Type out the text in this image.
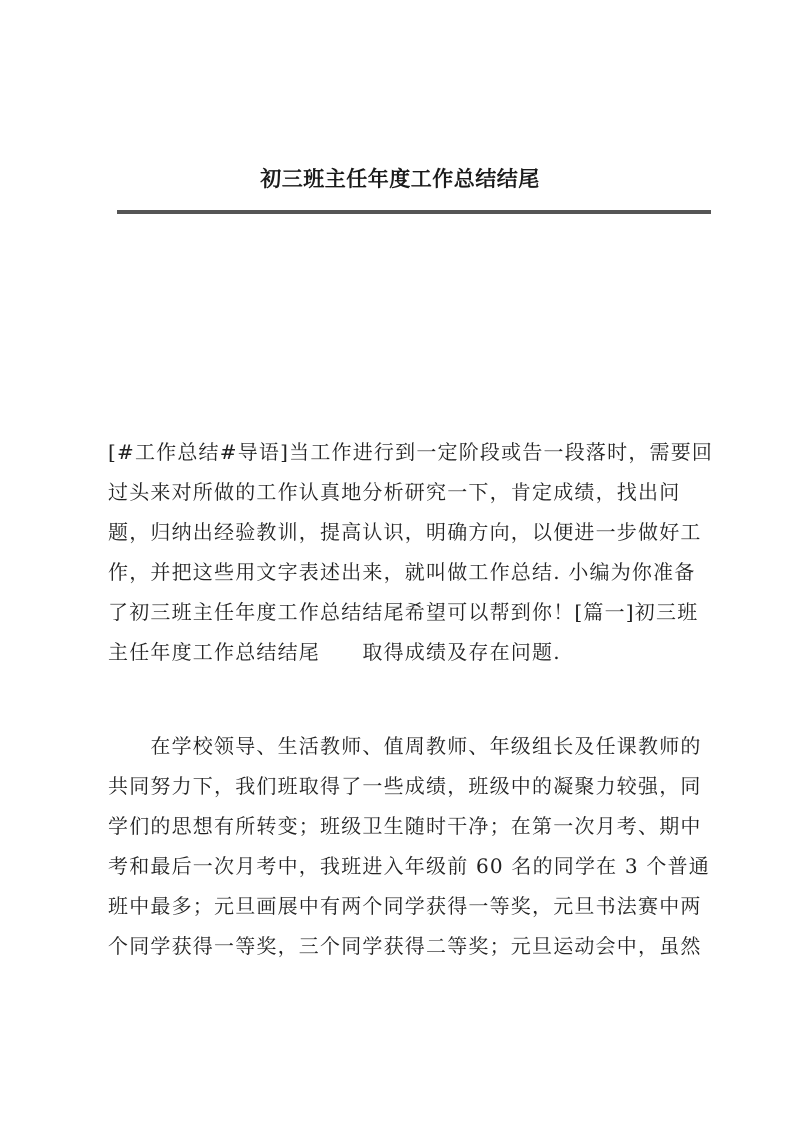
初三班主任年度工作总结结尾
[#工作总结#导语]当工作进行到一定阶段或告一段落时，需要回
过头来对所做的工作认真地分析研究一下，肯定成绩，找出问
题，归纳出经验教训，提高认识，明确方向，以便进一步做好工
作，并把这些用文字表述出来，就叫做工作总结. 小编为你准备
了初三班主任年度工作总结结尾希望可以帮到你！[篇一]初三班
主任年度工作总结结尾　　取得成绩及存在问题.
　　在学校领导、生活教师、值周教师、年级组长及任课教师的
共同努力下，我们班取得了一些成绩，班级中的凝聚力较强，同
学们的思想有所转变；班级卫生随时干净；在第一次月考、期中
考和最后一次月考中，我班进入年级前 60 名的同学在 3 个普通
班中最多；元旦画展中有两个同学获得一等奖，元旦书法赛中两
个同学获得一等奖，三个同学获得二等奖；元旦运动会中，虽然
